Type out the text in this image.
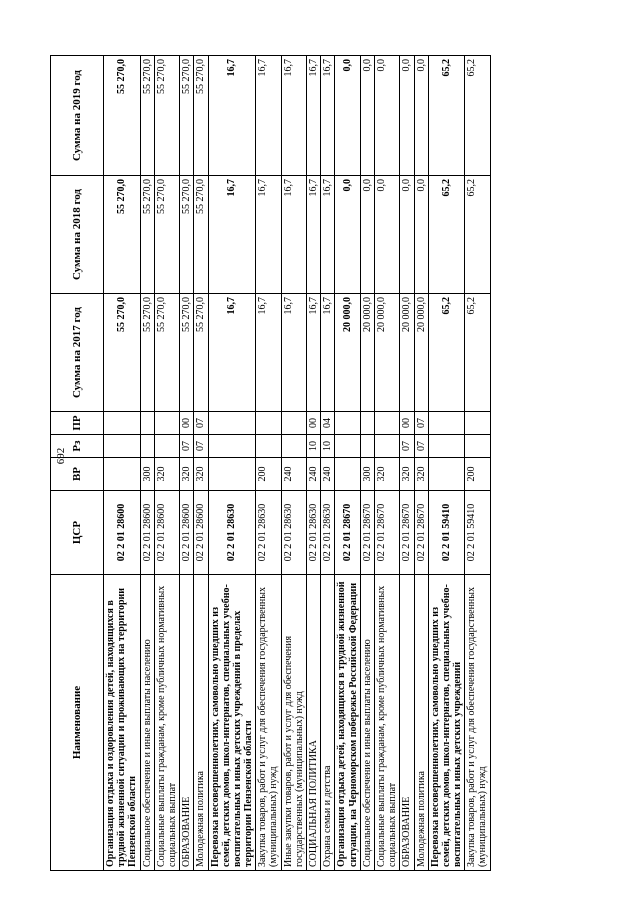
692
Наименование	ЦСР	ВР	Рз	ПР	Сумма на 2017 год	Сумма на 2018 год	Сумма на 2019 год
Организация отдыха и оздоровления детей, находящихся в трудной жизненной ситуации и проживающих на территории Пензенской области	02 2 01 28600				55 270,0	55 270,0	55 270,0
Социальное обеспечение и иные выплаты населению	02 2 01 28600	300			55 270,0	55 270,0	55 270,0
Социальные выплаты гражданам, кроме публичных нормативных социальных выплат	02 2 01 28600	320			55 270,0	55 270,0	55 270,0
ОБРАЗОВАНИЕ	02 2 01 28600	320	07	00	55 270,0	55 270,0	55 270,0
Молодежная политика	02 2 01 28600	320	07	07	55 270,0	55 270,0	55 270,0
Перевозка несовершеннолетних, самовольно ушедших из семей, детских домов, школ-интернатов, специальных учебно-воспитательных и иных детских учреждений в пределах территории Пензенской области	02 2 01 28630				16,7	16,7	16,7
Закупка товаров, работ и услуг для обеспечения государственных (муниципальных) нужд	02 2 01 28630	200			16,7	16,7	16,7
Иные закупки товаров, работ и услуг для обеспечения государственных (муниципальных) нужд	02 2 01 28630	240			16,7	16,7	16,7
СОЦИАЛЬНАЯ ПОЛИТИКА	02 2 01 28630	240	10	00	16,7	16,7	16,7
Охрана семьи и детства	02 2 01 28630	240	10	04	16,7	16,7	16,7
Организация отдыха детей, находящихся в трудной жизненной ситуации, на Черноморском побережье Российской Федерации	02 2 01 28670				20 000,0	0,0	0,0
Социальное обеспечение и иные выплаты населению	02 2 01 28670	300			20 000,0	0,0	0,0
Социальные выплаты гражданам, кроме публичных нормативных социальных выплат	02 2 01 28670	320			20 000,0	0,0	0,0
ОБРАЗОВАНИЕ	02 2 01 28670	320	07	00	20 000,0	0,0	0,0
Молодежная политика	02 2 01 28670	320	07	07	20 000,0	0,0	0,0
Перевозка несовершеннолетних, самовольно ушедших из семей, детских домов, школ-интернатов, специальных учебно-воспитательных и иных детских учреждений	02 2 01 59410				65,2	65,2	65,2
Закупка товаров, работ и услуг для обеспечения государственных (муниципальных) нужд	02 2 01 59410	200			65,2	65,2	65,2
